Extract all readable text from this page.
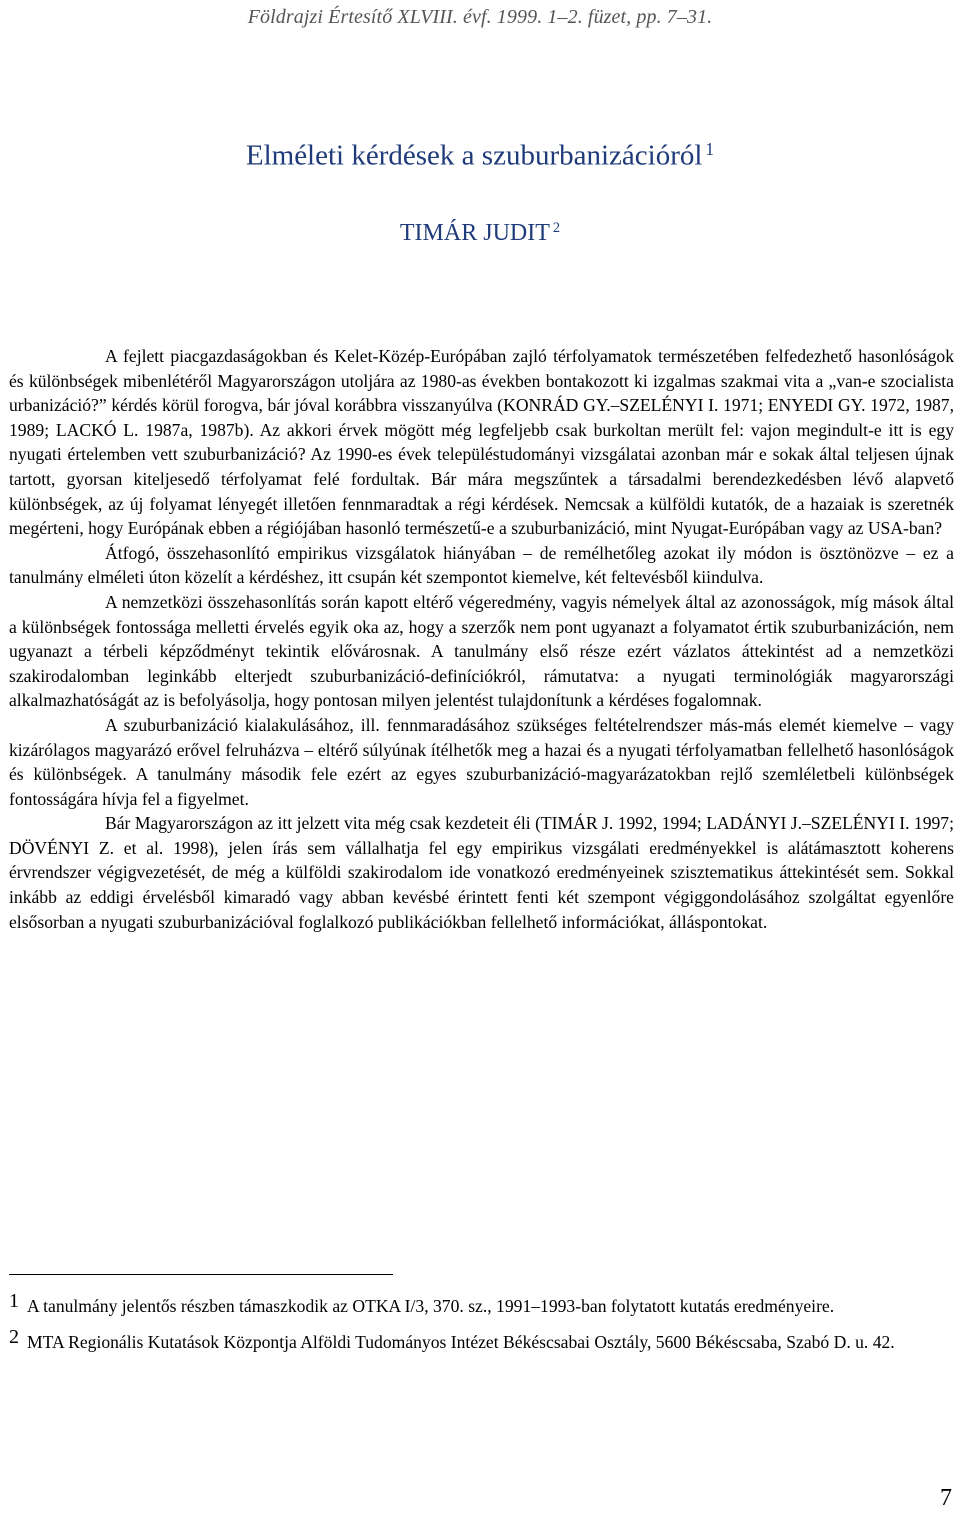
Földrajzi Értesítő XLVIII. évf. 1999. 1–2. füzet, pp. 7–31.
Elméleti kérdések a szuburbanizációról $^1$
TIMÁR JUDIT $^2$

A fejlett piacgazdaságokban és Kelet-Közép-Európában zajló térfolyamatok természetében felfedezhető hasonlóságok és különbségek mibenlétéről Magyarországon utoljára az 1980-as években bontakozott ki izgalmas szakmai vita a „van-e szocialista urbanizáció?” kérdés körül forogva, bár jóval korábbra visszanyúlva (KONRÁD GY.–SZELÉNYI I. 1971; ENYEDI GY. 1972, 1987, 1989; LACKÓ L. 1987a, 1987b). Az akkori érvek mögött még legfeljebb csak burkoltan merült fel: vajon megindult-e itt is egy nyugati értelemben vett szuburbanizáció? Az 1990-es évek településtudományi vizsgálatai azonban már e sokak által teljesen újnak tartott, gyorsan kiteljesedő térfolyamat felé fordultak. Bár mára megszűntek a társadalmi berendezkedésben lévő alapvető különbségek, az új folyamat lényegét illetően fennmaradtak a régi kérdések. Nemcsak a külföldi kutatók, de a hazaiak is szeretnék megérteni, hogy Európának ebben a régiójában hasonló természetű-e a szuburbanizáció, mint Nyugat-Európában vagy az USA-ban?

Átfogó, összehasonlító empirikus vizsgálatok hiányában – de remélhetőleg azokat ily módon is ösztönözve – ez a tanulmány elméleti úton közelít a kérdéshez, itt csupán két szempontot kiemelve, két feltevésből kiindulva.

A nemzetközi összehasonlítás során kapott eltérő végeredmény, vagyis némelyek által az azonosságok, míg mások által a különbségek fontossága melletti érvelés egyik oka az, hogy a szerzők nem pont ugyanazt a folyamatot értik szuburbanizáción, nem ugyanazt a térbeli képződményt tekintik elővárosnak. A tanulmány első része ezért vázlatos áttekintést ad a nemzetközi szakirodalomban leginkább elterjedt szuburbanizáció-definíciókról, rámutatva: a nyugati terminológiák magyarországi alkalmazhatóságát az is befolyásolja, hogy pontosan milyen jelentést tulajdonítunk a kérdéses fogalomnak.

A szuburbanizáció kialakulásához, ill. fennmaradásához szükséges feltételrendszer más-más elemét kiemelve – vagy kizárólagos magyarázó erővel felruházva – eltérő súlyúnak ítélhetők meg a hazai és a nyugati térfolyamatban fellelhető hasonlóságok és különbségek. A tanulmány második fele ezért az egyes szuburbanizáció-magyarázatokban rejlő szemléletbeli különbségek fontosságára hívja fel a figyelmet.

Bár Magyarországon az itt jelzett vita még csak kezdeteit éli (TIMÁR J. 1992, 1994; LADÁNYI J.–SZELÉNYI I. 1997; DÖVÉNYI Z. et al. 1998), jelen írás sem vállalhatja fel egy empirikus vizsgálati eredményekkel is alátámasztott koherens érvrendszer végigvezetését, de még a külföldi szakirodalom ide vonatkozó eredményeinek szisztematikus áttekintését sem. Sokkal inkább az eddigi érvelésből kimaradó vagy abban kevésbé érintett fenti két szempont végiggondolásához szolgáltat egyenlőre elsősorban a nyugati szuburbanizációval foglalkozó publikációkban fellelhető információkat, álláspontokat.

1 A tanulmány jelentős részben támaszkodik az OTKA I/3, 370. sz., 1991–1993-ban folytatott kutatás eredményeire.

2 MTA Regionális Kutatások Központja Alföldi Tudományos Intézet Békéscsabai Osztály, 5600 Békéscsaba, Szabó D. u. 42.

7
